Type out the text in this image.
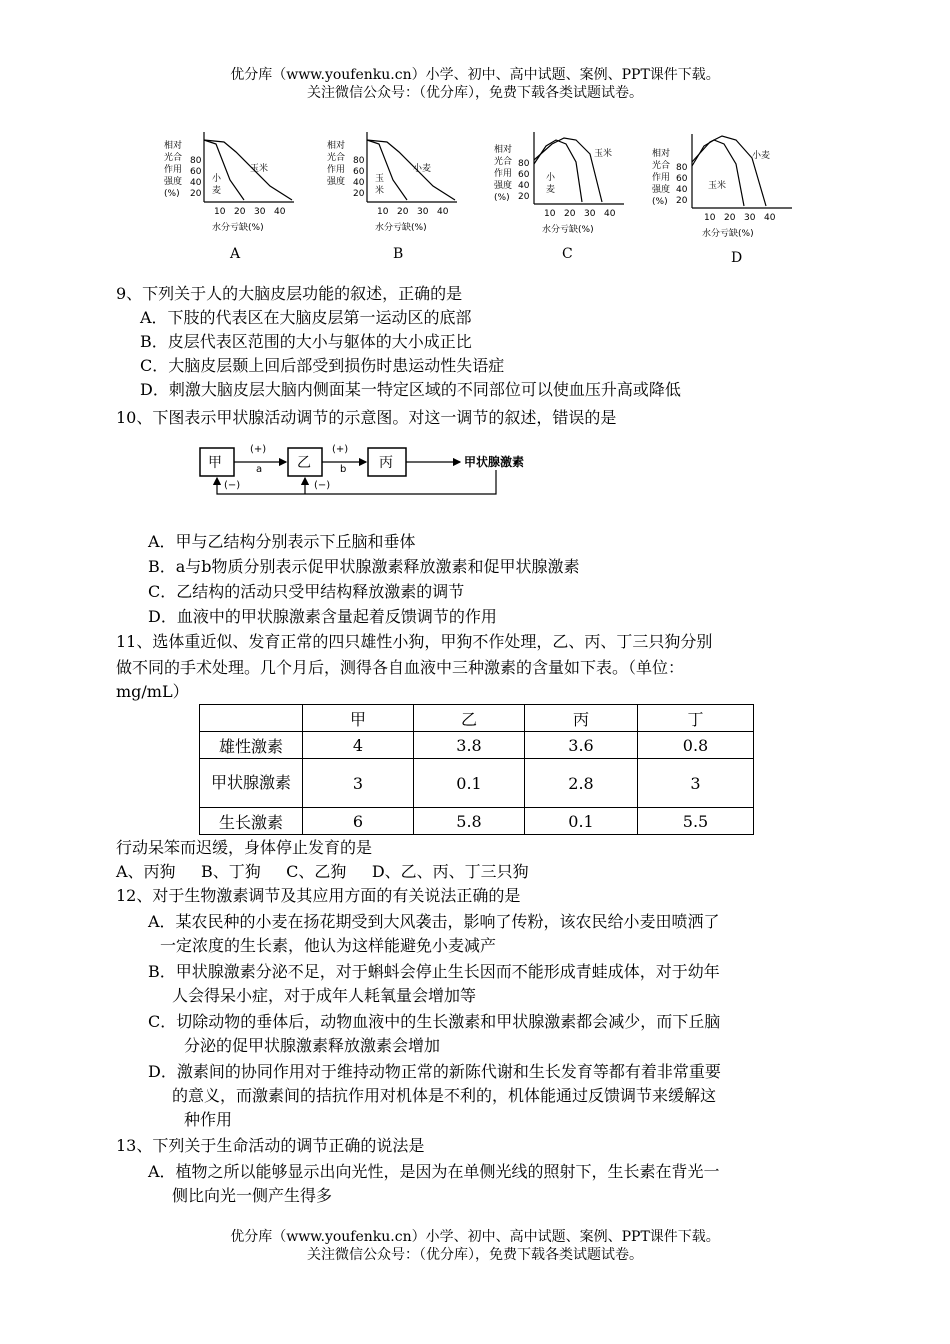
优分库（www.youfenku.cn）小学、初中、高中试题、案例、PPT课件下载。
关注微信公众号：（优分库），免费下载各类试题试卷。
相对
光合
作用
强度
(%)
80
60
40
20
10 20 30 40
水分亏缺(%)
玉米
小
麦
A
相对
光合
作用
强度
80
60
40
20
10 20 30 40
水分亏缺(%)
小麦
玉
米
B
相对
光合
作用
强度
(%)
80
60
40
20
10 20 30 40
水分亏缺(%)
玉米
小
麦
C
相对
光合
作用
强度
(%)
80
60
40
20
10 20 30 40
水分亏缺(%)
小麦
玉米
D
9、下列关于人的大脑皮层功能的叙述，正确的是
A．下肢的代表区在大脑皮层第一运动区的底部
B．皮层代表区范围的大小与躯体的大小成正比
C．大脑皮层颞上回后部受到损伤时患运动性失语症
D．刺激大脑皮层大脑内侧面某一特定区域的不同部位可以使血压升高或降低
10、下图表示甲状腺活动调节的示意图。对这一调节的叙述，错误的是
甲	乙	丙
(+)
a
(+)
b
(−)	(−)
甲状腺激素
A．甲与乙结构分别表示下丘脑和垂体
B．a与b物质分别表示促甲状腺激素释放激素和促甲状腺激素
C．乙结构的活动只受甲结构释放激素的调节
D．血液中的甲状腺激素含量起着反馈调节的作用
11、选体重近似、发育正常的四只雄性小狗，甲狗不作处理，乙、丙、丁三只狗分别
做不同的手术处理。几个月后，测得各自血液中三种激素的含量如下表。（单位：
mg/mL）
	甲	乙	丙	丁
雄性激素	4	3.8	3.6	0.8
甲状腺激素	3	0.1	2.8	3
生长激素	6	5.8	0.1	5.5
行动呆笨而迟缓，身体停止发育的是
A、丙狗     B、丁狗     C、乙狗     D、乙、丙、丁三只狗
12、对于生物激素调节及其应用方面的有关说法正确的是
A．某农民种的小麦在扬花期受到大风袭击，影响了传粉，该农民给小麦田喷洒了
一定浓度的生长素，他认为这样能避免小麦减产
B．甲状腺激素分泌不足，对于蝌蚪会停止生长因而不能形成青蛙成体，对于幼年
人会得呆小症，对于成年人耗氧量会增加等
C．切除动物的垂体后，动物血液中的生长激素和甲状腺激素都会减少，而下丘脑
分泌的促甲状腺激素释放激素会增加
D．激素间的协同作用对于维持动物正常的新陈代谢和生长发育等都有着非常重要
的意义，而激素间的拮抗作用对机体是不利的，机体能通过反馈调节来缓解这
种作用
13、下列关于生命活动的调节正确的说法是
A．植物之所以能够显示出向光性，是因为在单侧光线的照射下，生长素在背光一
侧比向光一侧产生得多
优分库（www.youfenku.cn）小学、初中、高中试题、案例、PPT课件下载。
关注微信公众号：（优分库），免费下载各类试题试卷。
